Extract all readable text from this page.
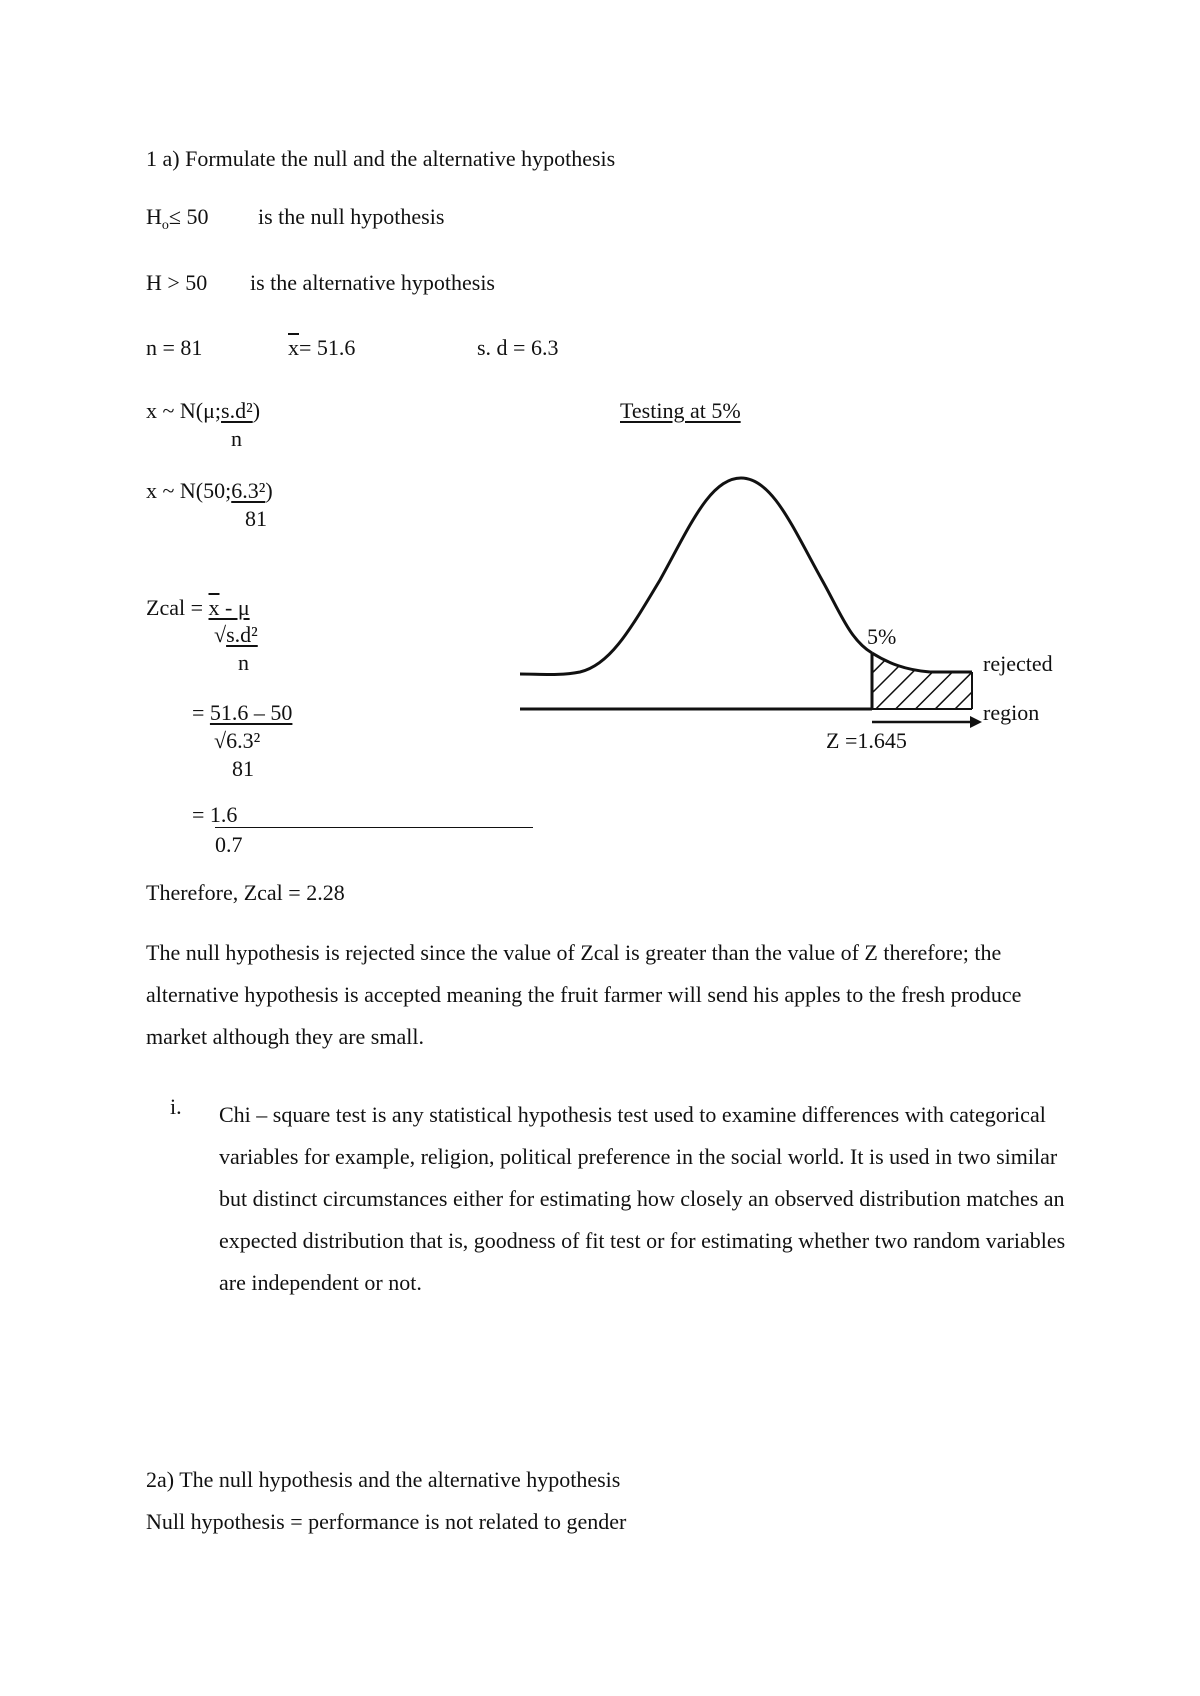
1 a) Formulate the null and the alternative hypothesis
$H_o\le 50$ is the null hypothesis
H > 50 is the alternative hypothesis
n = 81	$\overline{x}= 51.6$	s. d = 6.3
x ~ N(μ;s.d²)
n
x ~ N(50;6.3²)
81
Zcal = x - μ
√s.d²
n
= 51.6 – 50
√6.3²
81
= 1.6
0.7
Therefore, Zcal = 2.28
The null hypothesis is rejected since the value of Zcal is greater than the value of Z therefore; the alternative hypothesis is accepted meaning the fruit farmer will send his apples to the fresh produce market although they are small.
i. Chi – square test is any statistical hypothesis test used to examine differences with categorical variables for example, religion, political preference in the social world. It is used in two similar but distinct circumstances either for estimating how closely an observed distribution matches an expected distribution that is, goodness of fit test or for estimating whether two random variables are independent or not.
2a) The null hypothesis and the alternative hypothesis
Null hypothesis = performance is not related to gender
Testing at 5%
5%
rejected
region
Z =1.645
